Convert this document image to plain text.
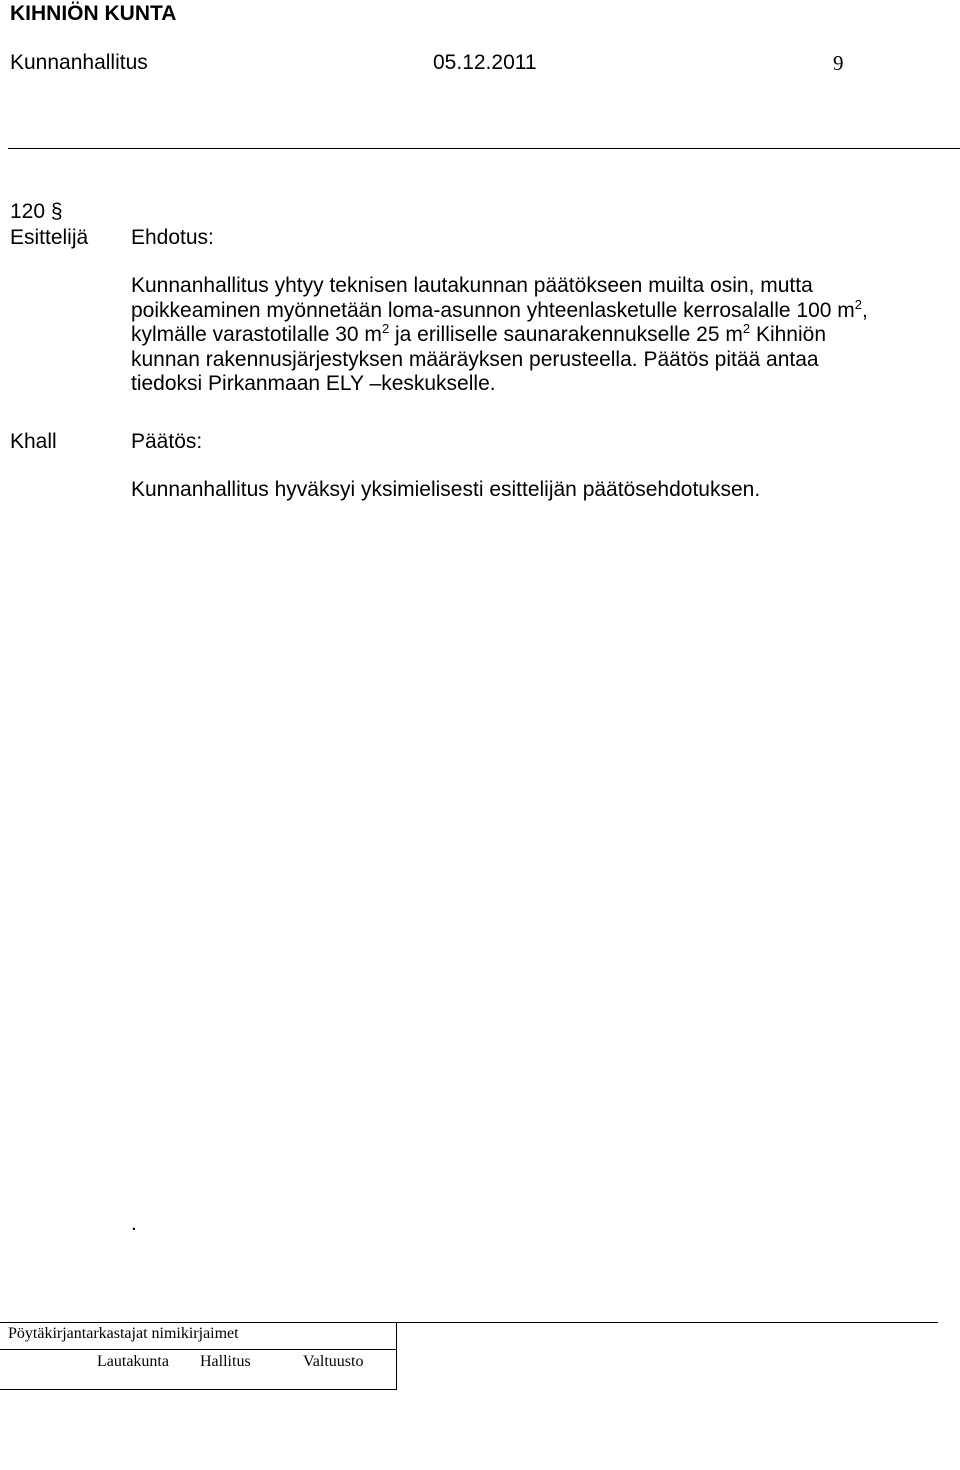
KIHNIÖN KUNTA
Kunnanhallitus	05.12.2011	9
120 §
Esittelijä Ehdotus:
Kunnanhallitus yhtyy teknisen lautakunnan päätökseen muilta osin, mutta
poikkeaminen myönnetään loma-asunnon yhteenlasketulle kerrosalalle 100 $m^2$,
kylmälle varastotilalle 30 $m^2$ ja erilliselle saunarakennukselle 25 $m^2$ Kihniön
kunnan rakennusjärjestyksen määräyksen perusteella. Päätös pitää antaa
tiedoksi Pirkanmaan ELY –keskukselle.
Khall	Päätös:
Kunnanhallitus hyväksyi yksimielisesti esittelijän päätösehdotuksen.
.
Pöytäkirjantarkastajat nimikirjaimet
Lautakunta Hallitus	Valtuusto
